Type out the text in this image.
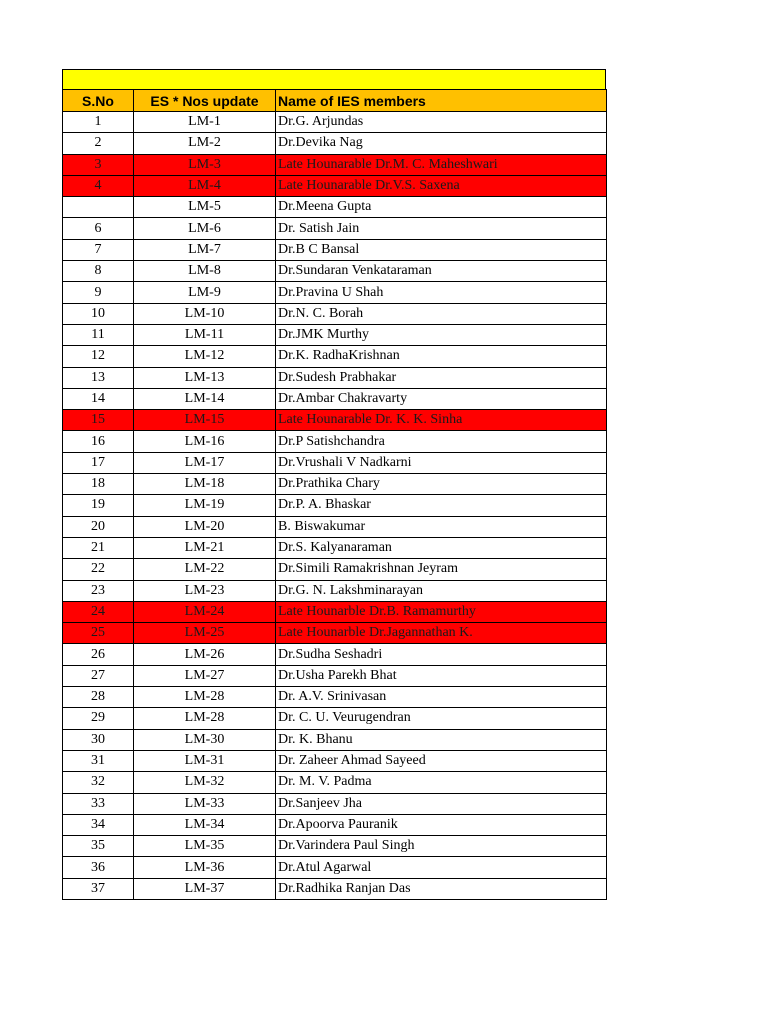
S.No	ES * Nos update	Name of IES members
1	LM-1	Dr.G. Arjundas
2	LM-2	Dr.Devika Nag
3	LM-3	Late Hounarable Dr.M. C. Maheshwari
4	LM-4	Late Hounarable Dr.V.S. Saxena
	LM-5	Dr.Meena Gupta
6	LM-6	Dr. Satish Jain
7	LM-7	Dr.B C Bansal
8	LM-8	Dr.Sundaran Venkataraman
9	LM-9	Dr.Pravina U Shah
10	LM-10	Dr.N. C. Borah
11	LM-11	Dr.JMK Murthy
12	LM-12	Dr.K. RadhaKrishnan
13	LM-13	Dr.Sudesh Prabhakar
14	LM-14	Dr.Ambar Chakravarty
15	LM-15	Late Hounarable Dr. K. K. Sinha
16	LM-16	Dr.P Satishchandra
17	LM-17	Dr.Vrushali V Nadkarni
18	LM-18	Dr.Prathika Chary
19	LM-19	Dr.P. A. Bhaskar
20	LM-20	B. Biswakumar
21	LM-21	Dr.S. Kalyanaraman
22	LM-22	Dr.Simili Ramakrishnan Jeyram
23	LM-23	Dr.G. N. Lakshminarayan
24	LM-24	Late Hounarble Dr.B. Ramamurthy
25	LM-25	Late Hounarble Dr.Jagannathan K.
26	LM-26	Dr.Sudha Seshadri
27	LM-27	Dr.Usha Parekh Bhat
28	LM-28	Dr. A.V. Srinivasan
29	LM-28	Dr. C. U. Veurugendran
30	LM-30	Dr. K. Bhanu
31	LM-31	Dr. Zaheer Ahmad Sayeed
32	LM-32	Dr. M. V. Padma
33	LM-33	Dr.Sanjeev Jha
34	LM-34	Dr.Apoorva Pauranik
35	LM-35	Dr.Varindera Paul Singh
36	LM-36	Dr.Atul Agarwal
37	LM-37	Dr.Radhika Ranjan Das
